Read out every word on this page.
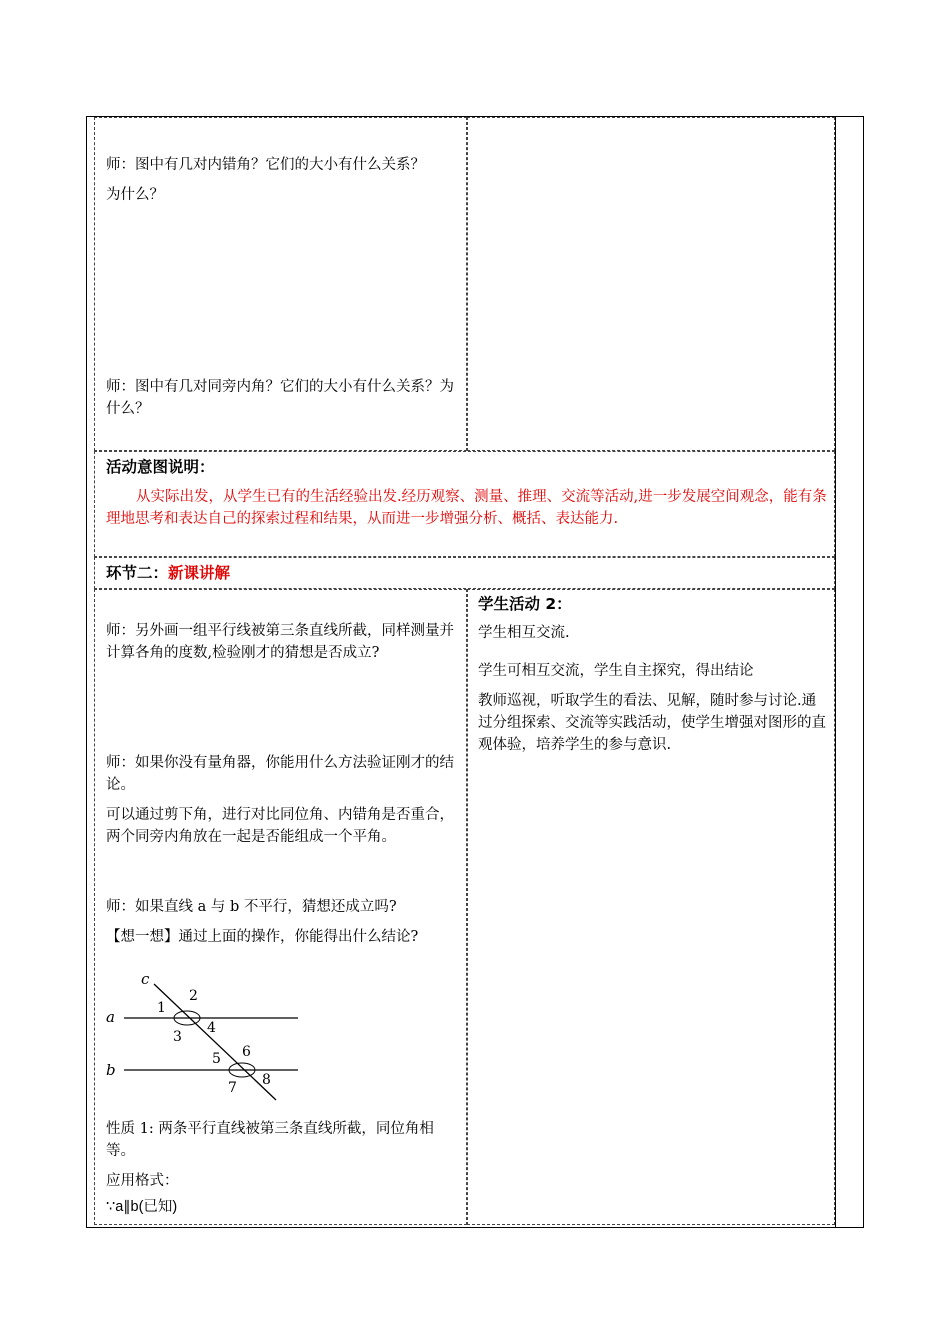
师：图中有几对内错角？它们的大小有什么关系？

为什么？

师：图中有几对同旁内角？它们的大小有什么关系？为什么？

活动意图说明：
从实际出发，从学生已有的生活经验出发.经历观察、测量、推理、交流等活动,进一步发展空间观念，能有条理地思考和表达自己的探索过程和结果，从而进一步增强分析、概括、表达能力.
环节二：新课讲解

师：另外画一组平行线被第三条直线所截，同样测量并计算各角的度数,检验刚才的猜想是否成立?

师：如果你没有量角器，你能用什么方法验证刚才的结论。

可以通过剪下角，进行对比同位角、内错角是否重合，两个同旁内角放在一起是否能组成一个平角。

师：如果直线 a 与 b 不平行，猜想还成立吗?

【想一想】通过上面的操作，你能得出什么结论?

c
a
b
1
2
3
4
5 6
7 8

性质 1: 两条平行直线被第三条直线所截，同位角相等。

应用格式：

∵a∥b(已知)

学生活动 2：

学生相互交流.

学生可相互交流，学生自主探究，得出结论

教师巡视，听取学生的看法、见解，随时参与讨论.通过分组探索、交流等实践活动，使学生增强对图形的直观体验，培养学生的参与意识.
